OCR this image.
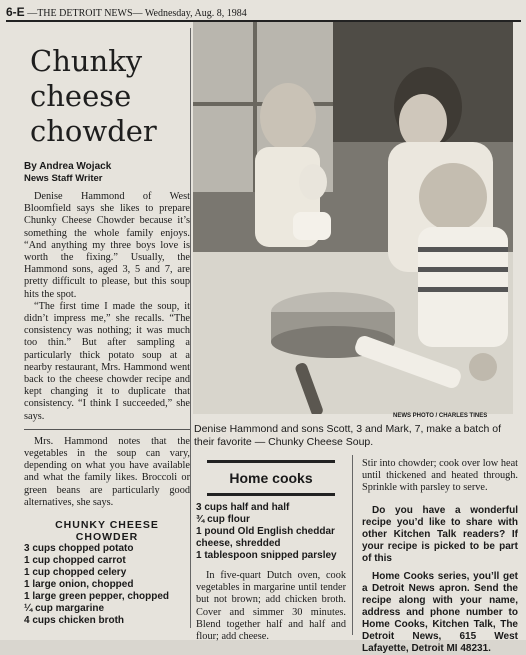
6-E —THE DETROIT NEWS— Wednesday, Aug. 8, 1984
Chunky cheese chowder
By Andrea Wojack
News Staff Writer

Denise Hammond of West Bloomfield says she likes to prepare Chunky Cheese Chowder because it’s something the whole family enjoys. “And anything my three boys love is worth the fixing.” Usually, the Hammond sons, aged 3, 5 and 7, are pretty difficult to please, but this soup hits the spot.

“The first time I made the soup, it didn’t impress me,” she recalls. “The consistency was nothing; it was much too thin.” But after sampling a particularly thick potato soup at a nearby restaurant, Mrs. Hammond went back to the cheese chowder recipe and kept changing it to duplicate that consistency. “I think I succeeded,” she says.

Mrs. Hammond notes that the vegetables in the soup can vary, depending on what you have available and what the family likes. Broccoli or green beans are particularly good alternatives, she says.

CHUNKY CHEESE CHOWDER
3 cups chopped potato
1 cup chopped carrot
1 cup chopped celery
1 large onion, chopped
1 large green pepper, chopped
¼ cup margarine
4 cups chicken broth
NEWS PHOTO / CHARLES TINES
Denise Hammond and sons Scott, 3 and Mark, 7, make a batch of their favorite — Chunky Cheese Soup.
Home cooks
3 cups half and half
¾ cup flour
1 pound Old English cheddar cheese, shredded
1 tablespoon snipped parsley
In five-quart Dutch oven, cook vegetables in margarine until tender but not brown; add chicken broth. Cover and simmer 30 minutes. Blend together half and half and flour; add cheese.
Stir into chowder; cook over low heat until thickened and heated through. Sprinkle with parsley to serve.
Do you have a wonderful recipe you’d like to share with other Kitchen Talk readers? If your recipe is picked to be part of this
Home Cooks series, you’ll get a Detroit News apron. Send the recipe along with your name, address and phone number to Home Cooks, Kitchen Talk, The Detroit News, 615 West Lafayette, Detroit MI 48231.
